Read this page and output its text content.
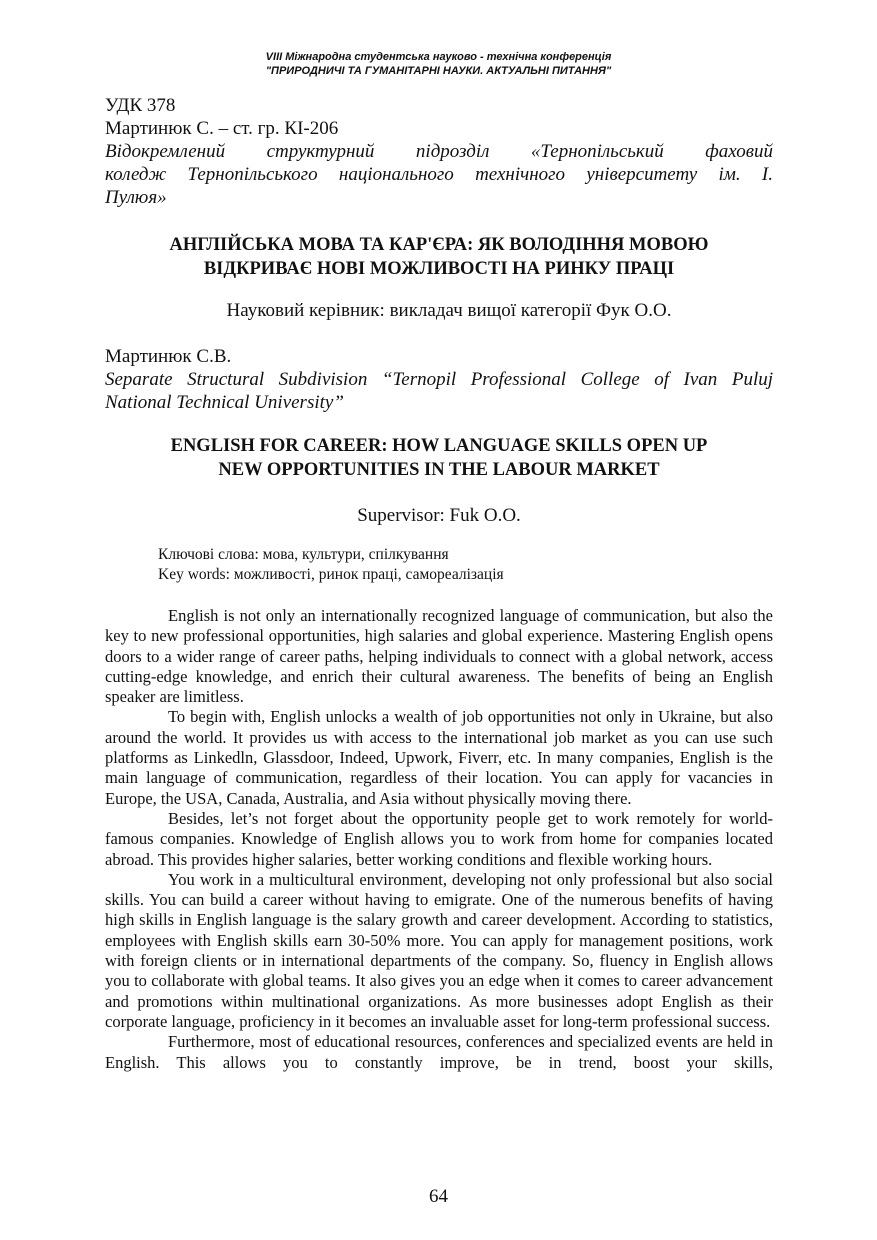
VIII Міжнародна студентська науково - технічна конференція
"ПРИРОДНИЧІ ТА ГУМАНІТАРНІ НАУКИ. АКТУАЛЬНІ ПИТАННЯ"
УДК 378
Мартинюк С. – ст. гр. КІ-206
Відокремлений структурний підрозділ «Тернопільський фаховий
коледж Тернопільського національного технічного університету ім. І.
Пулюя»
АНГЛІЙСЬКА МОВА ТА КАР'ЄРА: ЯК ВОЛОДІННЯ МОВОЮ
ВІДКРИВАЄ НОВІ МОЖЛИВОСТІ НА РИНКУ ПРАЦІ
Науковий керівник: викладач вищої категорії Фук О.О.
Мартинюк С.В.
Separate Structural Subdivision “Ternopil Professional College of Ivan Puluj
National Technical University”
ENGLISH FOR CAREER: HOW LANGUAGE SKILLS OPEN UP
NEW OPPORTUNITIES IN THE LABOUR MARKET
Supervisor: Fuk O.O.
Ключові слова: мова, культури, спілкування
Key words: можливості, ринок праці, самореалізація

English is not only an internationally recognized language of communication, but also the key to new professional opportunities, high salaries and global experience. Mastering English opens doors to a wider range of career paths, helping individuals to connect with a global network, access cutting-edge knowledge, and enrich their cultural awareness. The benefits of being an English speaker are limitless.

To begin with, English unlocks a wealth of job opportunities not only in Ukraine, but also around the world. It provides us with access to the international job market as you can use such platforms as Linkedln, Glassdoor, Indeed, Upwork, Fiverr, etc. In many companies, English is the main language of communication, regardless of their location. You can apply for vacancies in Europe, the USA, Canada, Australia, and Asia without physically moving there.

Besides, let’s not forget about the opportunity people get to work remotely for world-famous companies. Knowledge of English allows you to work from home for companies located abroad. This provides higher salaries, better working conditions and flexible working hours.

You work in a multicultural environment, developing not only professional but also social skills. You can build a career without having to emigrate. One of the numerous benefits of having high skills in English language is the salary growth and career development. According to statistics, employees with English skills earn 30-50% more. You can apply for management positions, work with foreign clients or in international departments of the company. So, fluency in English allows you to collaborate with global teams. It also gives you an edge when it comes to career advancement and promotions within multinational organizations. As more businesses adopt English as their corporate language, proficiency in it becomes an invaluable asset for long-term professional success.

Furthermore, most of educational resources, conferences and specialized events are held in English. This allows you to constantly improve, be in trend, boost your skills,

64
